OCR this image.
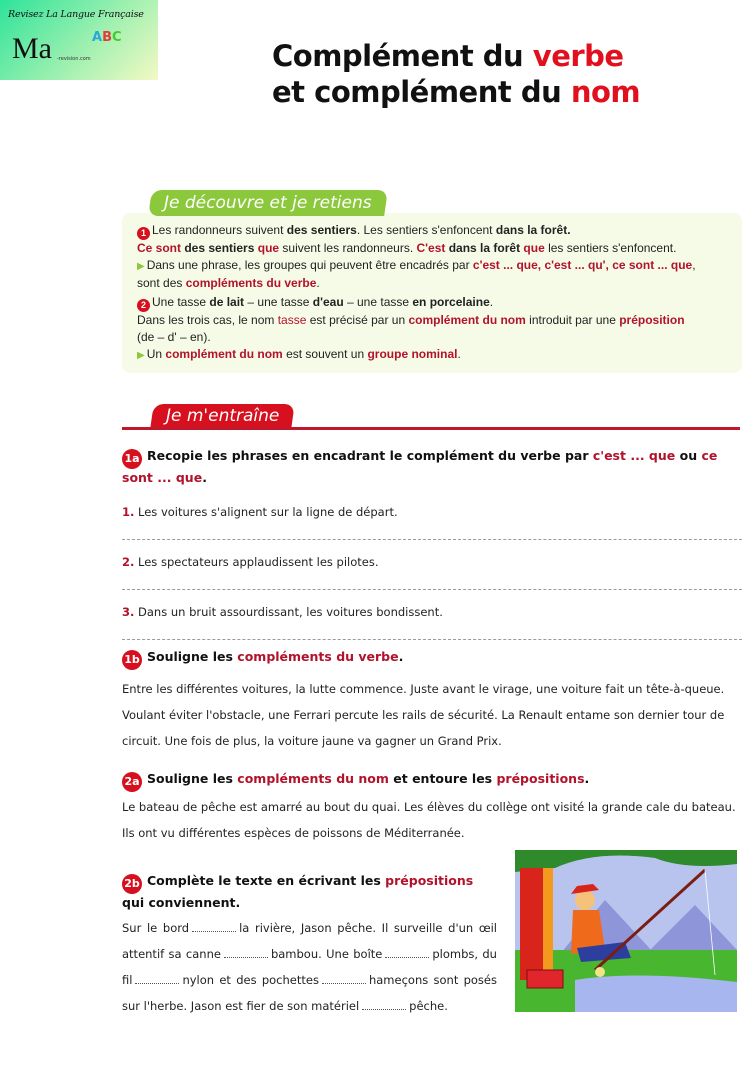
Revisez La Langue Française
Ma	ABC
-revision.com	Complément du verbe
et complément du nom
Je découvre et je retiens

1 Les randonneurs suivent des sentiers. Les sentiers s'enfoncent dans la forêt.

Ce sont des sentiers que suivent les randonneurs. C'est dans la forêt que les sentiers s'enfoncent.

▶ Dans une phrase, les groupes qui peuvent être encadrés par c'est ... que, c'est ... qu', ce sont ... que,
sont des compléments du verbe.

2 Une tasse de lait – une tasse d'eau – une tasse en porcelaine.

Dans les trois cas, le nom tasse est précisé par un complément du nom introduit par une préposition
(de – d' – en).

▶ Un complément du nom est souvent un groupe nominal.

Je m'entraîne
1a Recopie les phrases en encadrant le complément du verbe par c'est ... que ou ce sont ... que.
1. Les voitures s'alignent sur la ligne de départ.
2. Les spectateurs applaudissent les pilotes.
3. Dans un bruit assourdissant, les voitures bondissent.
1b Souligne les compléments du verbe.
Entre les différentes voitures, la lutte commence. Juste avant le virage, une voiture fait un tête-à-queue. Voulant éviter l'obstacle, une Ferrari percute les rails de sécurité. La Renault entame son dernier tour de circuit. Une fois de plus, la voiture jaune va gagner un Grand Prix.
2a Souligne les compléments du nom et entoure les prépositions.
Le bateau de pêche est amarré au bout du quai. Les élèves du collège ont visité la grande cale du bateau. Ils ont vu différentes espèces de poissons de Méditerranée.
2b Complète le texte en écrivant les prépositions qui conviennent.
Sur le bord	la rivière, Jason pêche. Il surveille d'un œil attentif sa canne	bambou. Une boîte	plombs, du fil	nylon et des pochettes	hameçons sont posés sur l'herbe. Jason est fier de son matériel	pêche.
